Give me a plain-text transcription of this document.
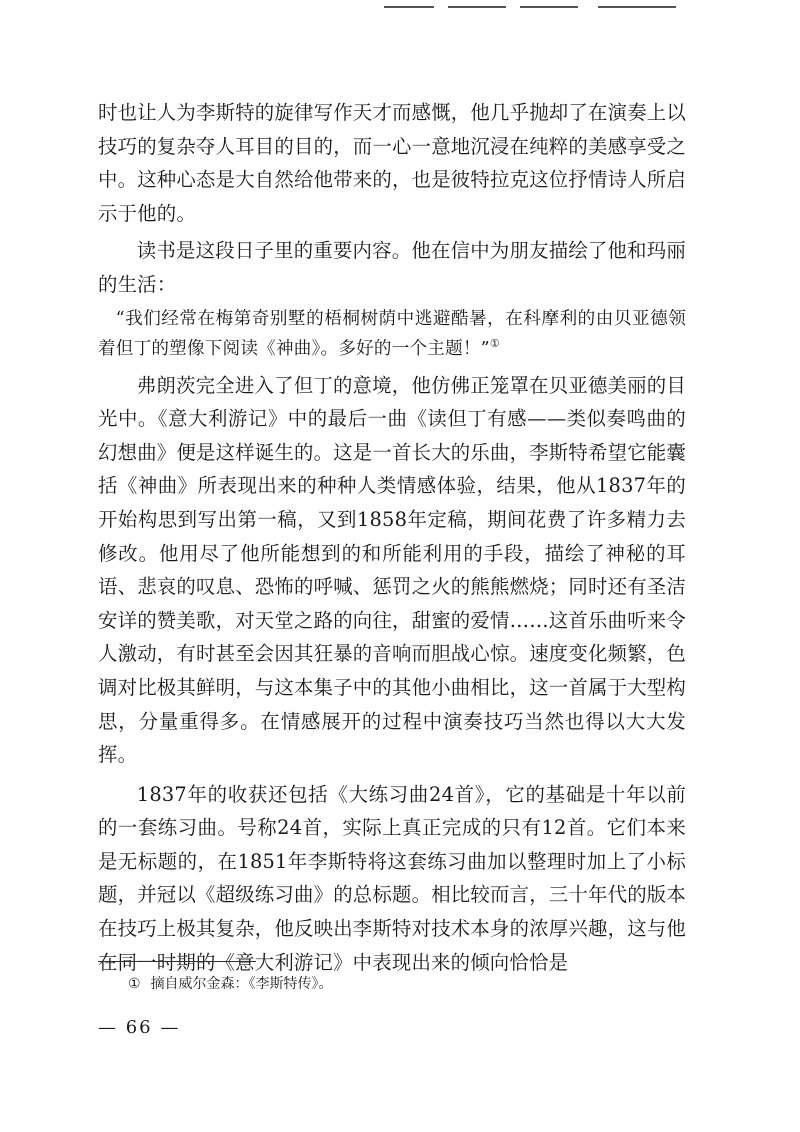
时也让人为李斯特的旋律写作天才而感慨，他几乎抛却了在演奏上以技巧的复杂夺人耳目的目的，而一心一意地沉浸在纯粹的美感享受之中。这种心态是大自然给他带来的，也是彼特拉克这位抒情诗人所启示于他的。

读书是这段日子里的重要内容。他在信中为朋友描绘了他和玛丽的生活：

“我们经常在梅第奇别墅的梧桐树荫中逃避酷暑，在科摩利的由贝亚德领着但丁的塑像下阅读《神曲》。多好的一个主题！”①

弗朗茨完全进入了但丁的意境，他仿佛正笼罩在贝亚德美丽的目光中。《意大利游记》中的最后一曲《读但丁有感——类似奏鸣曲的幻想曲》便是这样诞生的。这是一首长大的乐曲，李斯特希望它能囊括《神曲》所表现出来的种种人类情感体验，结果，他从1837年的开始构思到写出第一稿，又到1858年定稿，期间花费了许多精力去修改。他用尽了他所能想到的和所能利用的手段，描绘了神秘的耳语、悲哀的叹息、恐怖的呼喊、惩罚之火的熊熊燃烧；同时还有圣洁安详的赞美歌，对天堂之路的向往，甜蜜的爱情……这首乐曲听来令人激动，有时甚至会因其狂暴的音响而胆战心惊。速度变化频繁，色调对比极其鲜明，与这本集子中的其他小曲相比，这一首属于大型构思，分量重得多。在情感展开的过程中演奏技巧当然也得以大大发挥。

1837年的收获还包括《大练习曲24首》，它的基础是十年以前的一套练习曲。号称24首，实际上真正完成的只有12首。它们本来是无标题的，在1851年李斯特将这套练习曲加以整理时加上了小标题，并冠以《超级练习曲》的总标题。相比较而言，三十年代的版本在技巧上极其复杂，他反映出李斯特对技术本身的浓厚兴趣，这与他在同一时期的《意大利游记》中表现出来的倾向恰恰是

① 摘自威尔金森：《李斯特传》。
— 66 —
